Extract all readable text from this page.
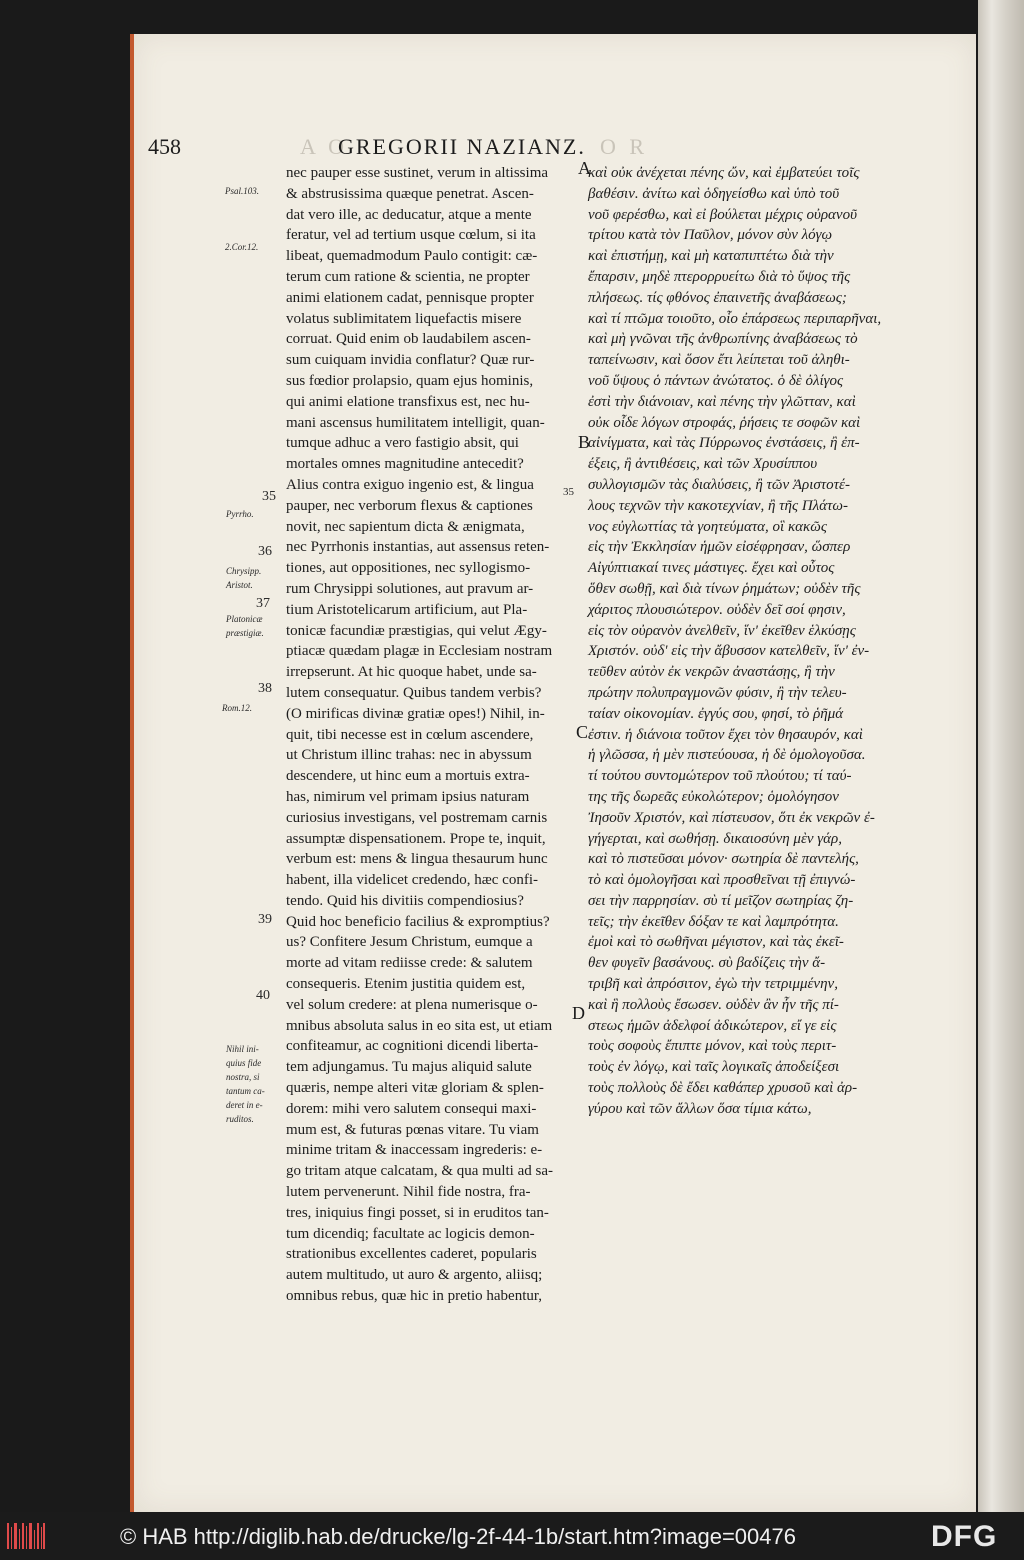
458	A O
GREGORII NAZIANZ. O R
nec pauper esse sustinet, verum in altissima
& abstrusissima quæque penetrat. Ascen-
dat vero ille, ac deducatur, atque a mente
feratur, vel ad tertium usque cœlum, si ita
libeat, quemadmodum Paulo contigit: cæ-
terum cum ratione & scientia, ne propter
animi elationem cadat, pennisque propter
volatus sublimitatem liquefactis misere
corruat. Quid enim ob laudabilem ascen-
sum cuiquam invidia conflatur? Quæ rur-
sus fœdior prolapsio, quam ejus hominis,
qui animi elatione transfixus est, nec hu-
mani ascensus humilitatem intelligit, quan-
tumque adhuc a vero fastigio absit, qui
mortales omnes magnitudine antecedit?
Alius contra exiguo ingenio est, & lingua
pauper, nec verborum flexus & captiones
novit, nec sapientum dicta & ænigmata,
nec Pyrrhonis instantias, aut assensus reten-
tiones, aut oppositiones, nec syllogismo-
rum Chrysippi solutiones, aut pravum ar-
tium Aristotelicarum artificium, aut Pla-
tonicæ facundiæ præstigias, qui velut Ægy-
ptiacæ quædam plagæ in Ecclesiam nostram
irrepserunt. At hic quoque habet, unde sa-
lutem consequatur. Quibus tandem verbis?
(O mirificas divinæ gratiæ opes!) Nihil, in-
quit, tibi necesse est in cœlum ascendere,
ut Christum illinc trahas: nec in abyssum
descendere, ut hinc eum a mortuis extra-
has, nimirum vel primam ipsius naturam
curiosius investigans, vel postremam carnis
assumptæ dispensationem. Prope te, inquit,
verbum est: mens & lingua thesaurum hunc
habent, illa videlicet credendo, hæc confi-
tendo. Quid his divitiis compendiosius?
Quid hoc beneficio facilius & expromptius?
us? Confitere Jesum Christum, eumque a
morte ad vitam rediisse crede: & salutem
consequeris. Etenim justitia quidem est,
vel solum credere: at plena numerisque o-
mnibus absoluta salus in eo sita est, ut etiam
confiteamur, ac cognitioni dicendi liberta-
tem adjungamus. Tu majus aliquid salute
quæris, nempe alteri vitæ gloriam & splen-
dorem: mihi vero salutem consequi maxi-
mum est, & futuras pœnas vitare. Tu viam
minime tritam & inaccessam ingrederis: e-
go tritam atque calcatam, & qua multi ad sa-
lutem pervenerunt. Nihil fide nostra, fra-
tres, iniquius fingi posset, si in eruditos tan-
tum dicendiq; facultate ac logicis demon-
strationibus excellentes caderet, popularis
autem multitudo, ut auro & argento, aliisq;
omnibus rebus, quæ hic in pretio habentur,
καὶ οὐκ ἀνέχεται πένης ὤν, καὶ ἐμβατεύει τοῖς
βαθέσιν. ἀνίτω καὶ ὁδηγείσθω καὶ ὑπὸ τοῦ
νοῦ φερέσθω, καὶ εἰ βούλεται μέχρις οὐρανοῦ
τρίτου κατὰ τὸν Παῦλον, μόνον σὺν λόγῳ
καὶ ἐπιστήμῃ, καὶ μὴ καταπιπτέτω διὰ τὴν
ἔπαρσιν, μηδὲ πτερορρυείτω διὰ τὸ ὕψος τῆς
πλήσεως. τίς φθόνος ἐπαινετῆς ἀναβάσεως;
καὶ τί πτῶμα τοιοῦτο, οἷο ἐπάρσεως περιπαρῆναι,
καὶ μὴ γνῶναι τῆς ἀνθρωπίνης ἀναβάσεως τὸ
ταπείνωσιν, καὶ ὅσον ἔτι λείπεται τοῦ ἀληθι-
νοῦ ὕψους ὁ πάντων ἀνώτατος. ὁ δὲ ὀλίγος
ἐστὶ τὴν διάνοιαν, καὶ πένης τὴν γλῶτταν, καὶ
οὐκ οἶδε λόγων στροφάς, ῥήσεις τε σοφῶν καὶ
αἰνίγματα, καὶ τὰς Πύρρωνος ἐνστάσεις, ἢ ἐπ-
έξεις, ἢ ἀντιθέσεις, καὶ τῶν Χρυσίππου
συλλογισμῶν τὰς διαλύσεις, ἢ τῶν Ἀριστοτέ-
λους τεχνῶν τὴν κακοτεχνίαν, ἢ τῆς Πλάτω-
νος εὐγλωττίας τὰ γοητεύματα, οἳ κακῶς
εἰς τὴν Ἐκκλησίαν ἡμῶν εἰσέφρησαν, ὥσπερ
Αἰγύπτιακαί τινες μάστιγες. ἔχει καὶ οὗτος
ὅθεν σωθῇ, καὶ διὰ τίνων ῥημάτων; οὐδὲν τῆς
χάριτος πλουσιώτερον. οὐδὲν δεῖ σοί φησιν,
εἰς τὸν οὐρανὸν ἀνελθεῖν, ἵν' ἐκεῖθεν ἑλκύσῃς
Χριστόν. οὐδ' εἰς τὴν ἄβυσσον κατελθεῖν, ἵν' ἐν-
τεῦθεν αὐτὸν ἐκ νεκρῶν ἀναστάσῃς, ἢ τὴν
πρώτην πολυπραγμονῶν φύσιν, ἢ τὴν τελευ-
ταίαν οἰκονομίαν. ἐγγύς σου, φησί, τὸ ῥῆμά
ἐστιν. ἡ διάνοια τοῦτον ἔχει τὸν θησαυρόν, καὶ
ἡ γλῶσσα, ἡ μὲν πιστεύουσα, ἡ δὲ ὁμολογοῦσα.
τί τούτου συντομώτερον τοῦ πλούτου; τί ταύ-
της τῆς δωρεᾶς εὐκολώτερον; ὁμολόγησον
Ἰησοῦν Χριστόν, καὶ πίστευσον, ὅτι ἐκ νεκρῶν ἐ-
γήγερται, καὶ σωθήσῃ. δικαιοσύνη μὲν γάρ,
καὶ τὸ πιστεῦσαι μόνον· σωτηρία δὲ παντελής,
τὸ καὶ ὁμολογῆσαι καὶ προσθεῖναι τῇ ἐπιγνώ-
σει τὴν παρρησίαν. σὺ τί μεῖζον σωτηρίας ζη-
τεῖς; τὴν ἐκεῖθεν δόξαν τε καὶ λαμπρότητα.
ἐμοὶ καὶ τὸ σωθῆναι μέγιστον, καὶ τὰς ἐκεῖ-
θεν φυγεῖν βασάνους. σὺ βαδίζεις τὴν ἄ-
τριβῆ καὶ ἀπρόσιτον, ἐγὼ τὴν τετριμμένην,
καὶ ἣ πολλοὺς ἔσωσεν. οὐδὲν ἂν ἦν τῆς πί-
στεως ἡμῶν ἀδελφοί ἀδικώτερον, εἴ γε εἰς
τοὺς σοφοὺς ἔπιπτε μόνον, καὶ τοὺς περιτ-
τοὺς ἐν λόγῳ, καὶ ταῖς λογικαῖς ἀποδείξεσι
τοὺς πολλοὺς δὲ ἔδει καθάπερ χρυσοῦ καὶ ἀρ-
γύρου καὶ τῶν ἄλλων ὅσα τίμια κάτω,
Psal.103.
2.Cor.12.
35
Pyrrho.
36
Chrysipp.
Aristot.
37
Platonicæ
præstigiæ.
38
Rom.12.
39
40
Nihil ini-
quius fide
nostra, si
tantum ca-
deret in e-
ruditos.
35
A
B
C
D
© HAB http://diglib.hab.de/drucke/lg-2f-44-1b/start.htm?image=00476	DFG
